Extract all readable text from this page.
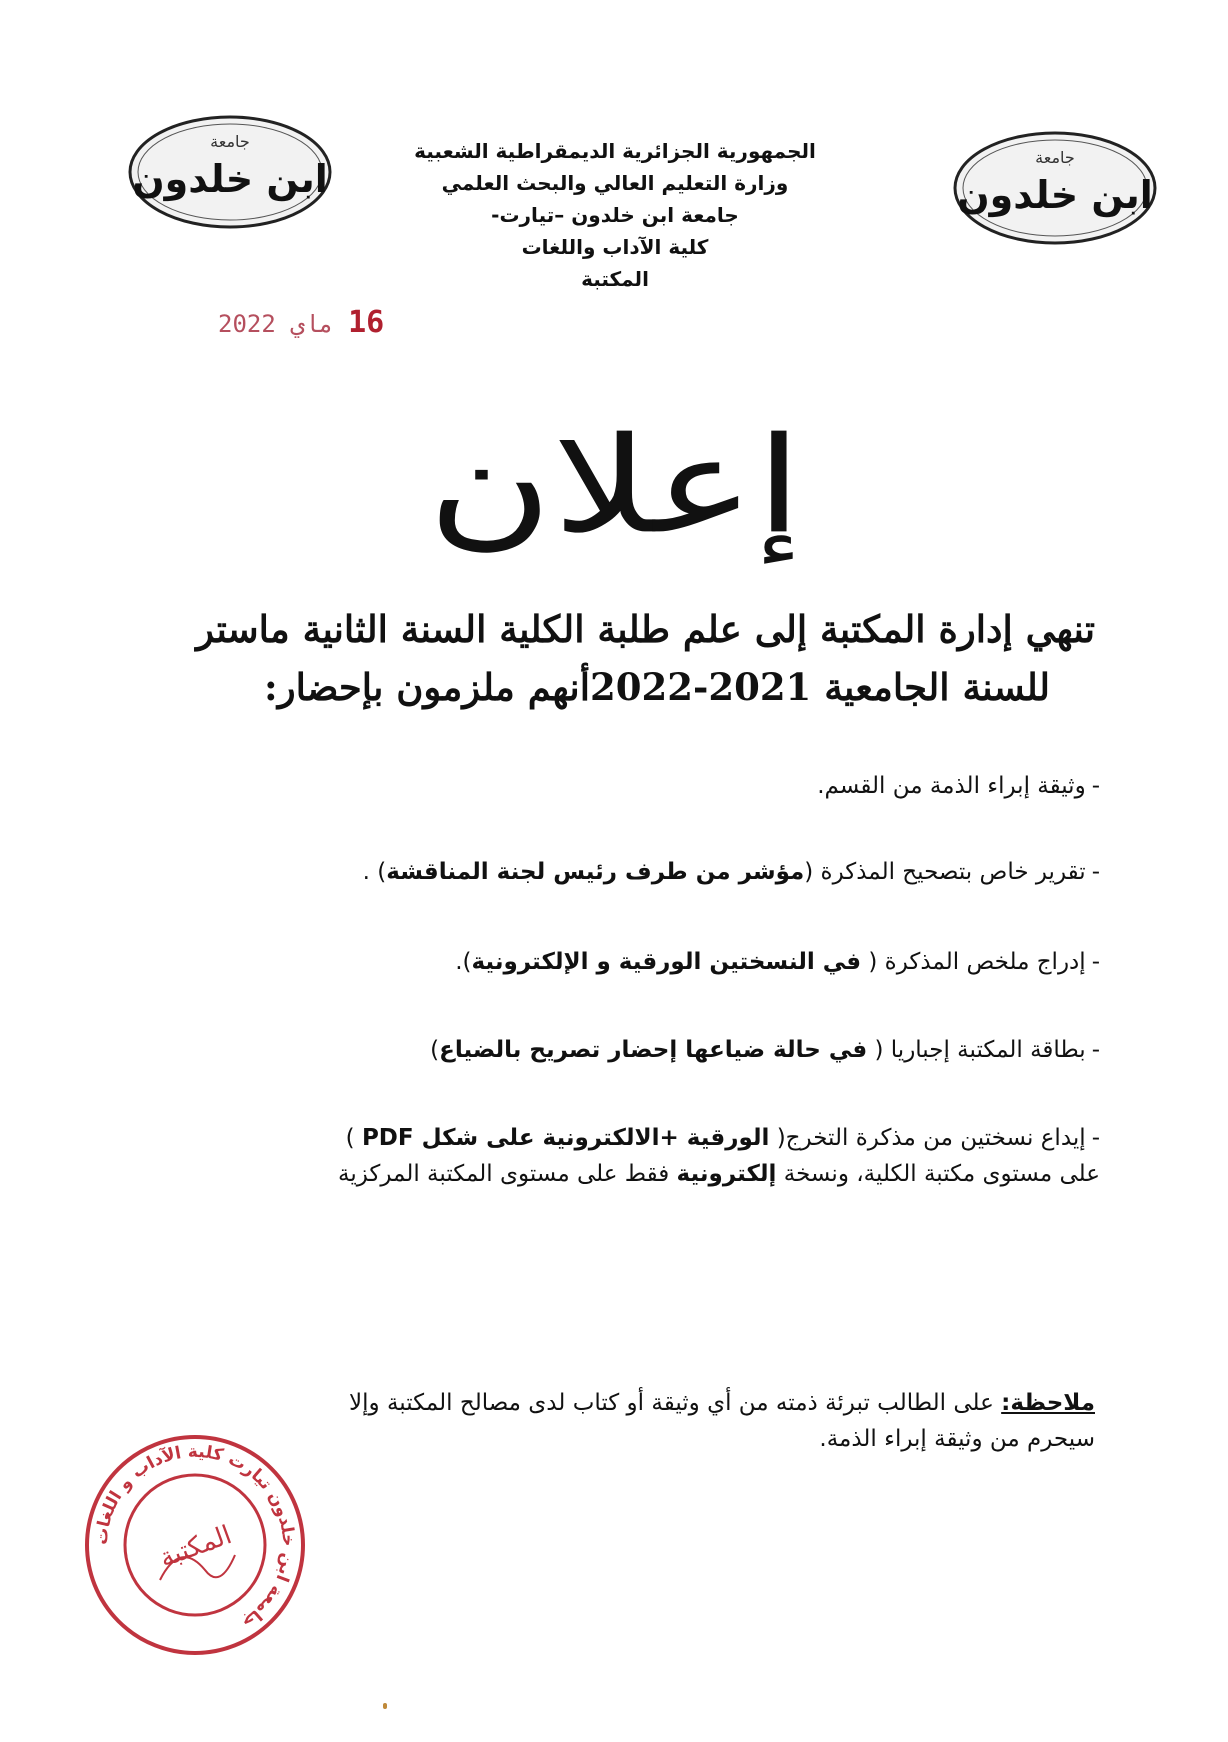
جامعة
ابن خلدون	جامعة
ابن خلدون
الجمهورية الجزائرية الديمقراطية الشعبية
وزارة التعليم العالي والبحث العلمي
جامعة ابن خلدون –تيارت-
كلية الآداب واللغات
المكتبة
16 ماي 2022
إعلان

تنهي إدارة المكتبة إلى علم طلبة الكلية السنة الثانية ماستر

للسنة الجامعية 2021-2022أنهم ملزمون بإحضار:

-وثيقة إبراء الذمة من القسم.
-تقرير خاص بتصحيح المذكرة (مؤشر من طرف رئيس لجنة المناقشة) .
-إدراج ملخص المذكرة ( في النسختين الورقية و الإلكترونية).
-بطاقة المكتبة إجباريا ( في حالة ضياعها إحضار تصريح بالضياع)
-إيداع نسختين من مذكرة التخرج( الورقية +الالكترونية على شكل PDF )
على مستوى مكتبة الكلية، ونسخة إلكترونية فقط على مستوى المكتبة المركزية
ملاحظة: على الطالب تبرئة ذمته من أي وثيقة أو كتاب لدى مصالح المكتبة وإلا
سيحرم من وثيقة إبراء الذمة.
جامعة ابن خلدون تيارت كلية الآداب و اللغات
المكتبة
